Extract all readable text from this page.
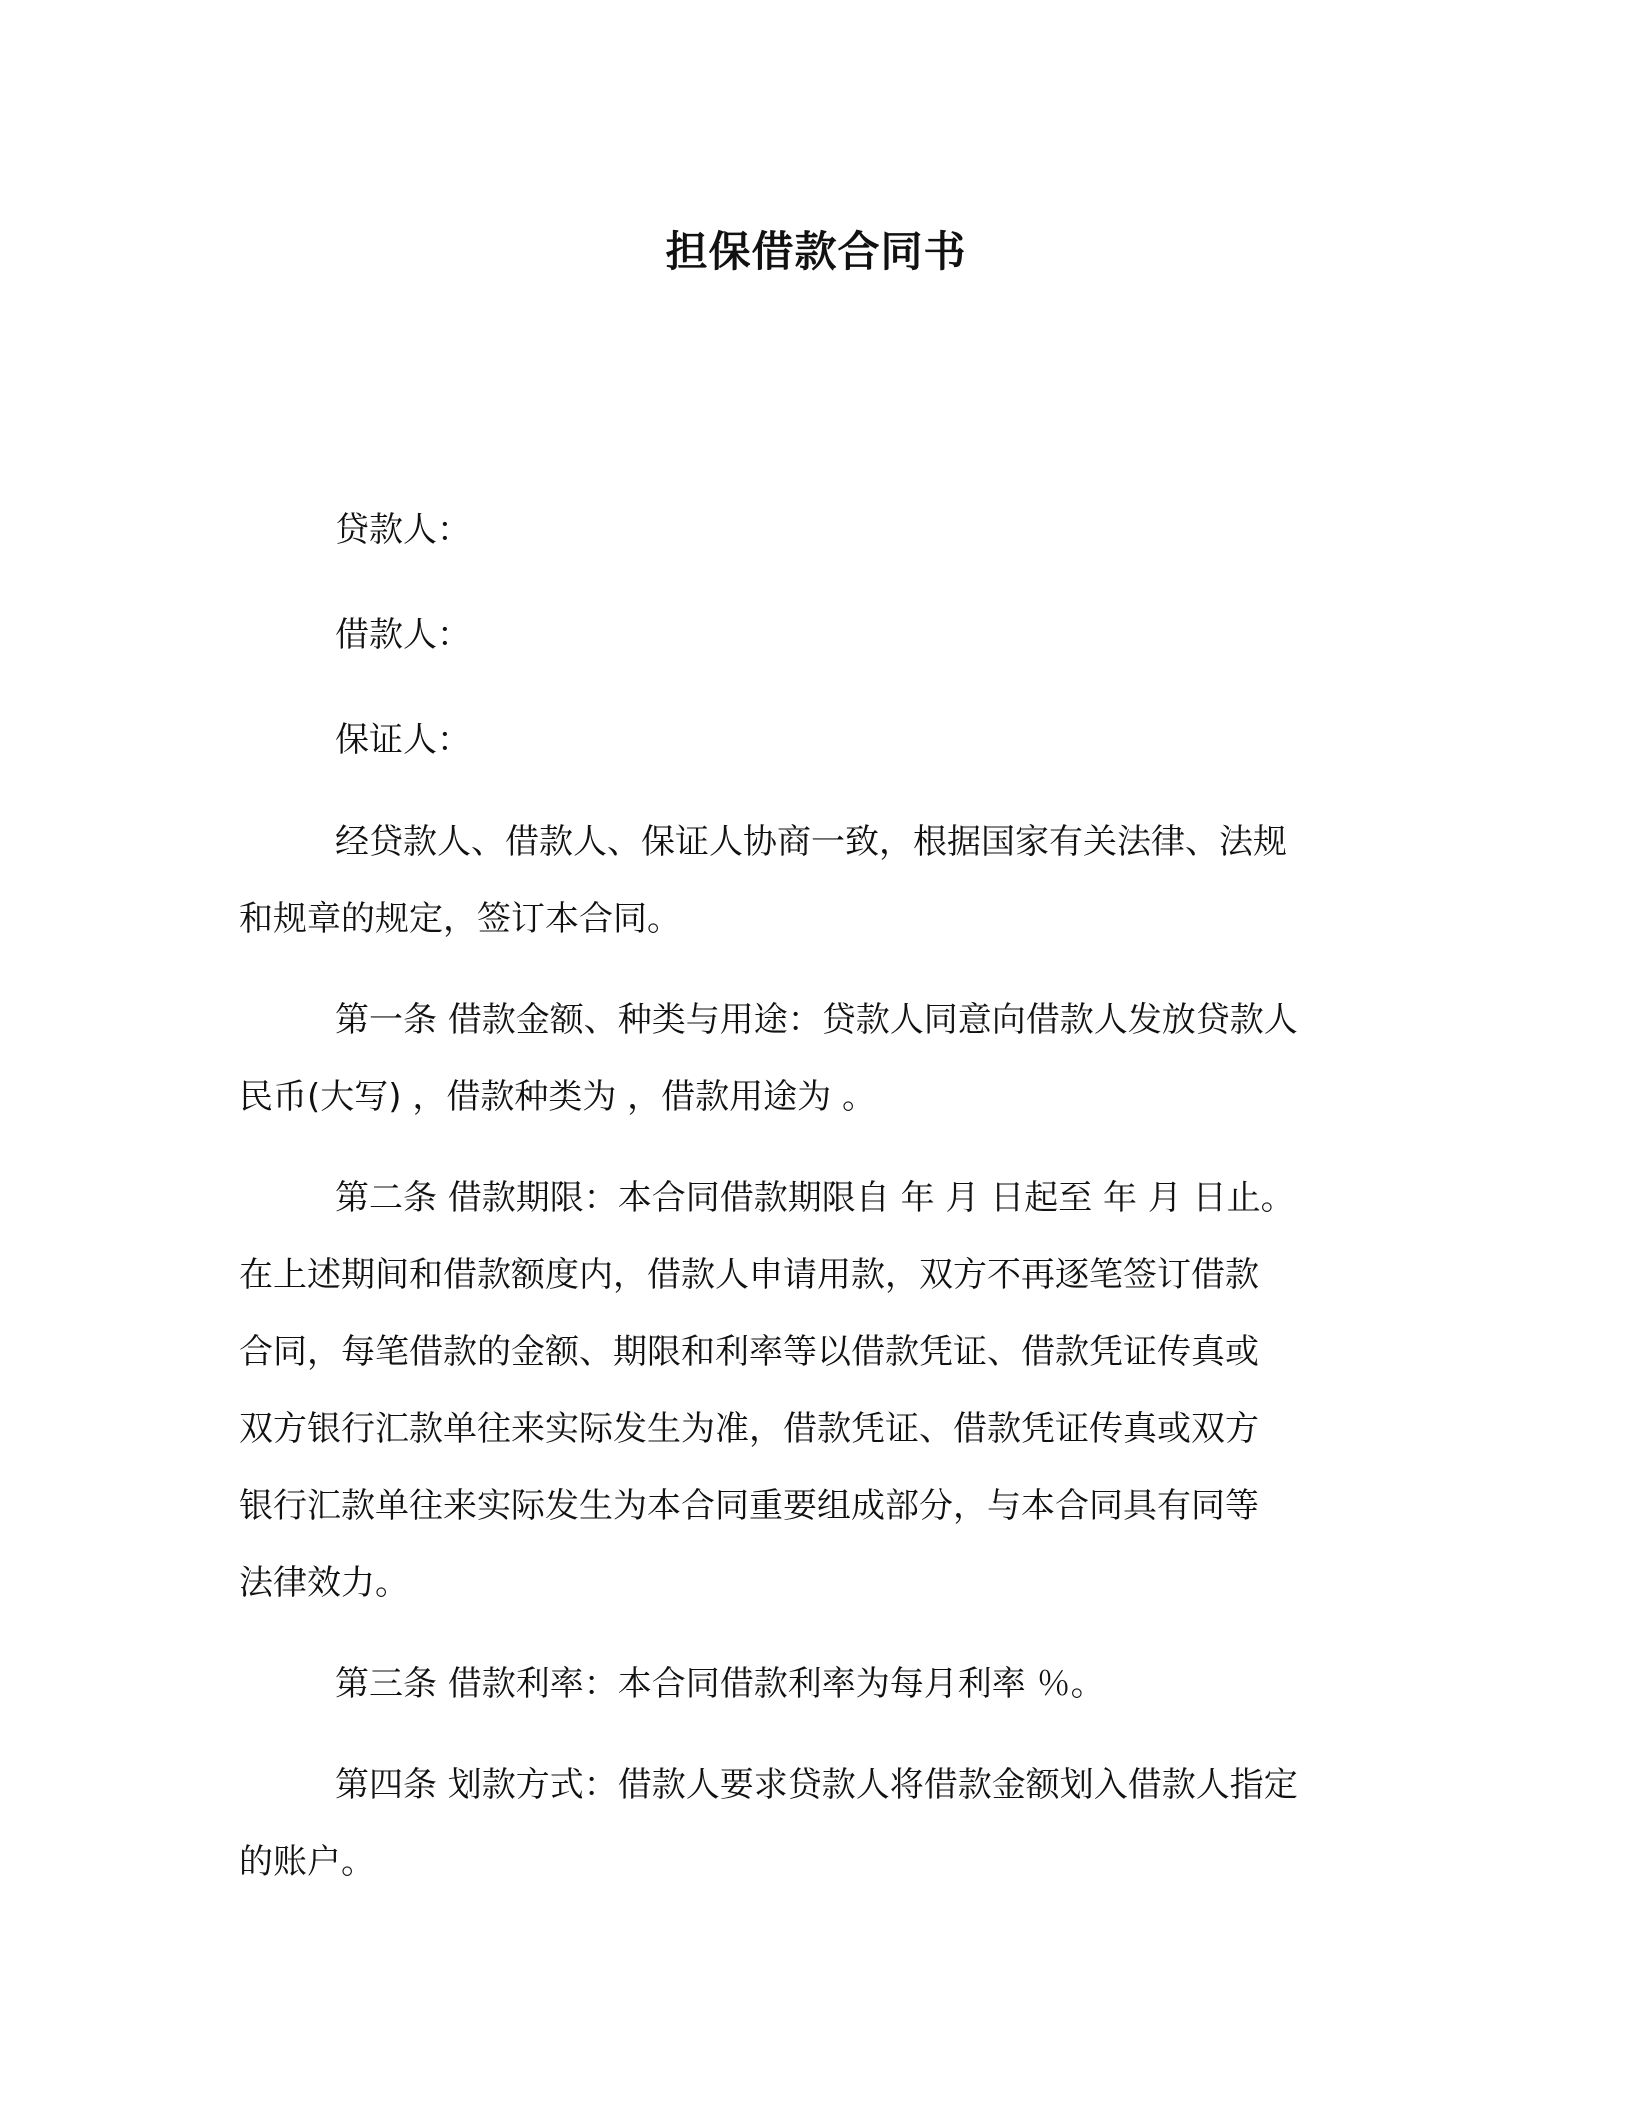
担保借款合同书
贷款人：
借款人：
保证人：
经贷款人、借款人、保证人协商一致，根据国家有关法律、法规
和规章的规定，签订本合同。
第一条 借款金额、种类与用途：贷款人同意向借款人发放贷款人
民币(大写) ，借款种类为 ，借款用途为 。
第二条 借款期限：本合同借款期限自 年 月 日起至 年 月 日止。
在上述期间和借款额度内，借款人申请用款，双方不再逐笔签订借款
合同，每笔借款的金额、期限和利率等以借款凭证、借款凭证传真或
双方银行汇款单往来实际发生为准，借款凭证、借款凭证传真或双方
银行汇款单往来实际发生为本合同重要组成部分，与本合同具有同等
法律效力。
第三条 借款利率：本合同借款利率为每月利率 ％。
第四条 划款方式：借款人要求贷款人将借款金额划入借款人指定
的账户。
